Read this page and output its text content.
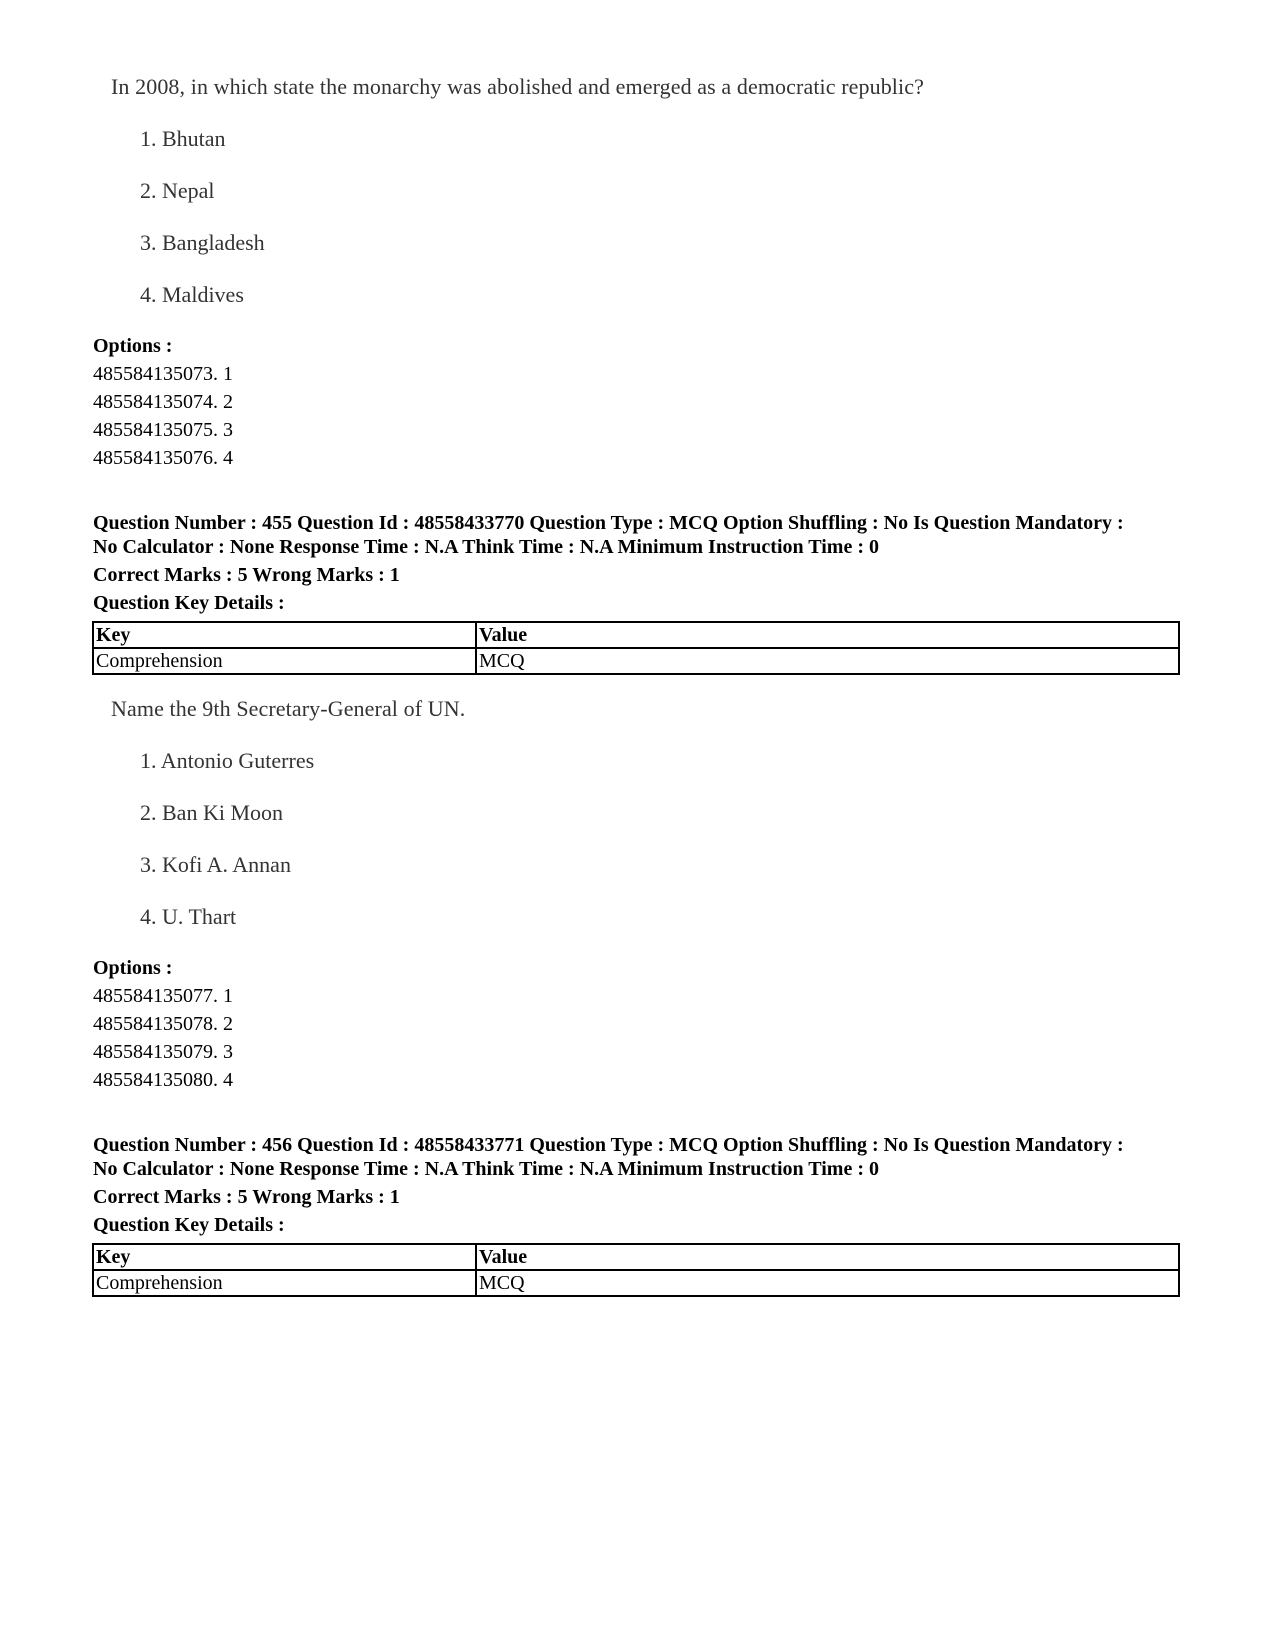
In 2008, in which state the monarchy was abolished and emerged as a democratic republic?
1. Bhutan
2. Nepal
3. Bangladesh
4. Maldives
Options :
485584135073. 1
485584135074. 2
485584135075. 3
485584135076. 4
Question Number : 455 Question Id : 48558433770 Question Type : MCQ Option Shuffling : No Is Question Mandatory :
No Calculator : None Response Time : N.A Think Time : N.A Minimum Instruction Time : 0
Correct Marks : 5 Wrong Marks : 1
Question Key Details :
Key	Value
Comprehension	MCQ
Name the 9th Secretary-General of UN.
1. Antonio Guterres
2. Ban Ki Moon
3. Kofi A. Annan
4. U. Thart
Options :
485584135077. 1
485584135078. 2
485584135079. 3
485584135080. 4
Question Number : 456 Question Id : 48558433771 Question Type : MCQ Option Shuffling : No Is Question Mandatory :
No Calculator : None Response Time : N.A Think Time : N.A Minimum Instruction Time : 0
Correct Marks : 5 Wrong Marks : 1
Question Key Details :
Key	Value
Comprehension	MCQ
